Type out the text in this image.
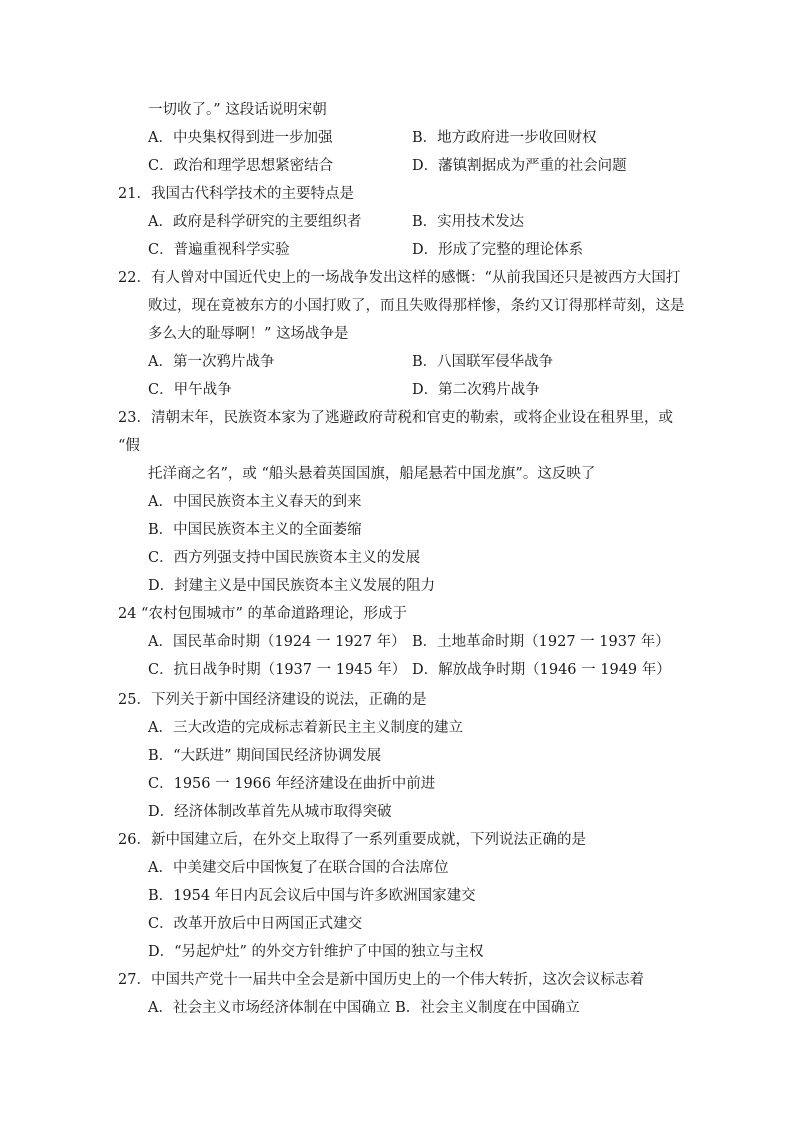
一切收了。” 这段话说明宋朝
A．中央集权得到进一步加强	B．地方政府进一步收回财权
C．政治和理学思想紧密结合	D．藩镇割据成为严重的社会问题
21．我国古代科学技术的主要特点是
A．政府是科学研究的主要组织者	B．实用技术发达
C．普遍重视科学实验	D．形成了完整的理论体系
22．有人曾对中国近代史上的一场战争发出这样的感慨：“从前我国还只是被西方大国打
败过，现在竟被东方的小国打败了，而且失败得那样惨，条约又订得那样苛刻，这是
多么大的耻辱啊！” 这场战争是
A．第一次鸦片战争	B．八国联军侵华战争
C．甲午战争	D．第二次鸦片战争
23．清朝末年，民族资本家为了逃避政府苛税和官吏的勒索，或将企业设在租界里，或
“假
托洋商之名”，或 “船头悬着英国国旗，船尾悬若中国龙旗”。这反映了
A．中国民族资本主义春天的到来
B．中国民族资本主义的全面萎缩
C．西方列强支持中国民族资本主义的发展
D．封建主义是中国民族资本主义发展的阻力
24 “农村包围城市” 的革命道路理论，形成于
A．国民革命时期（1924 一 1927 年） B．土地革命时期（1927 一 1937 年）
C．抗日战争时期（1937 一 1945 年） D．解放战争时期（1946 一 1949 年）
25．下列关于新中国经济建设的说法，正确的是
A．三大改造的完成标志着新民主主义制度的建立
B．“大跃进” 期间国民经济协调发展
C．1956 一 1966 年经济建设在曲折中前进
D．经济体制改革首先从城市取得突破
26．新中国建立后，在外交上取得了一系列重要成就，下列说法正确的是
A．中美建交后中国恢复了在联合国的合法席位
B．1954 年日内瓦会议后中国与许多欧洲国家建交
C．改革开放后中日两国正式建交
D．“另起炉灶” 的外交方针维护了中国的独立与主权
27．中国共产党十一届共中全会是新中国历史上的一个伟大转折，这次会议标志着
A．社会主义市场经济体制在中国确立 B．社会主义制度在中国确立
